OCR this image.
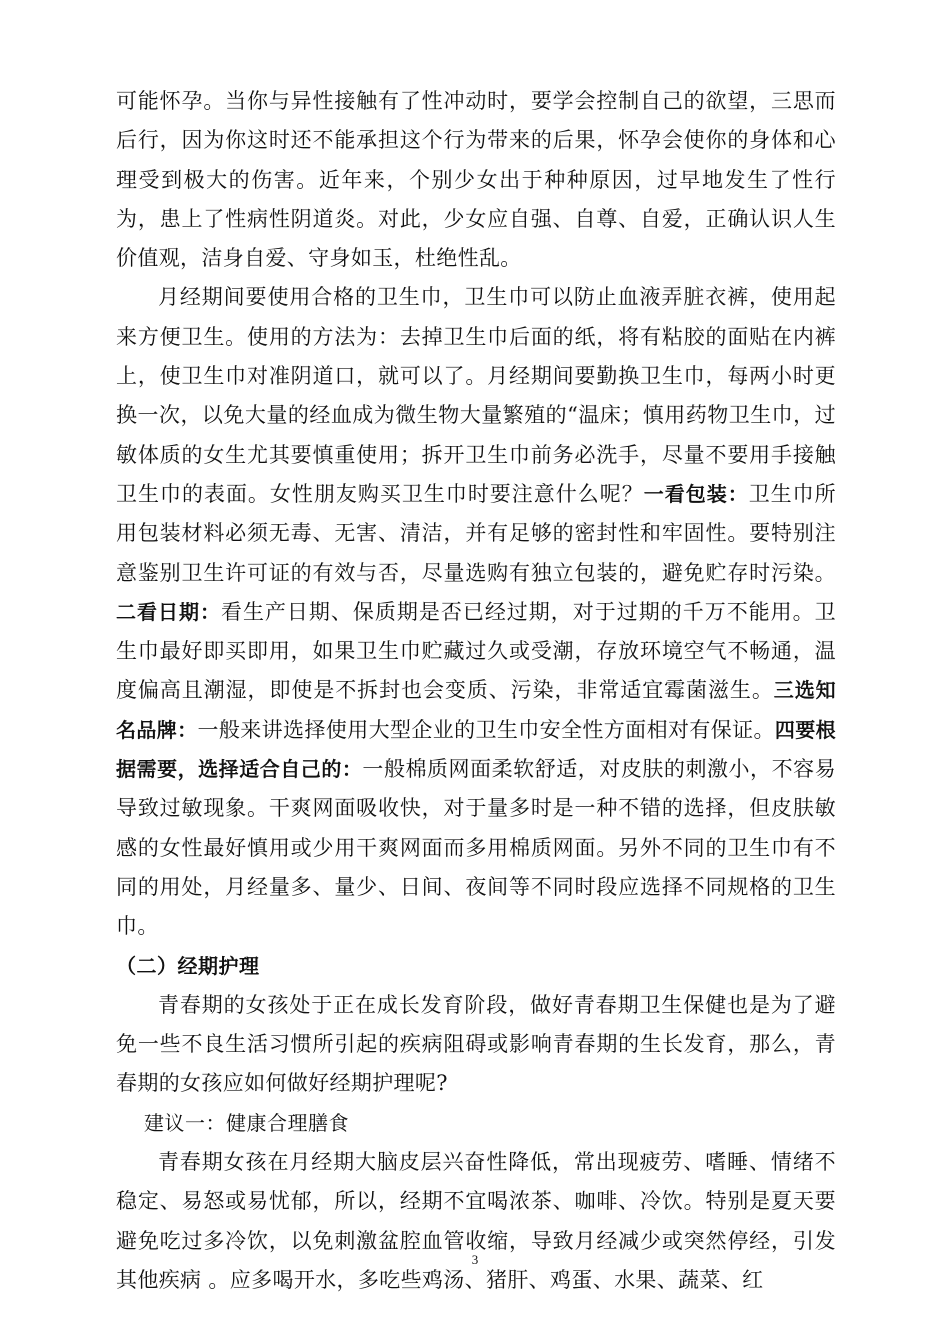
可能怀孕。当你与异性接触有了性冲动时，要学会控制自己的欲望，三思而后行，因为你这时还不能承担这个行为带来的后果，怀孕会使你的身体和心理受到极大的伤害。近年来，个别少女出于种种原因，过早地发生了性行为，患上了性病性阴道炎。对此，少女应自强、自尊、自爱，正确认识人生价值观，洁身自爱、守身如玉，杜绝性乱。

月经期间要使用合格的卫生巾，卫生巾可以防止血液弄脏衣裤，使用起来方便卫生。使用的方法为：去掉卫生巾后面的纸，将有粘胶的面贴在内裤上，使卫生巾对准阴道口，就可以了。月经期间要勤换卫生巾，每两小时更换一次，以免大量的经血成为微生物大量繁殖的“温床；慎用药物卫生巾，过敏体质的女生尤其要慎重使用；拆开卫生巾前务必洗手，尽量不要用手接触卫生巾的表面。女性朋友购买卫生巾时要注意什么呢？一看包装：卫生巾所用包装材料必须无毒、无害、清洁，并有足够的密封性和牢固性。要特别注意鉴别卫生许可证的有效与否，尽量选购有独立包装的，避免贮存时污染。二看日期：看生产日期、保质期是否已经过期，对于过期的千万不能用。卫生巾最好即买即用，如果卫生巾贮藏过久或受潮，存放环境空气不畅通，温度偏高且潮湿，即使是不拆封也会变质、污染，非常适宜霉菌滋生。三选知名品牌：一般来讲选择使用大型企业的卫生巾安全性方面相对有保证。四要根据需要，选择适合自己的：一般棉质网面柔软舒适，对皮肤的刺激小，不容易导致过敏现象。干爽网面吸收快，对于量多时是一种不错的选择，但皮肤敏感的女性最好慎用或少用干爽网面而多用棉质网面。另外不同的卫生巾有不同的用处，月经量多、量少、日间、夜间等不同时段应选择不同规格的卫生巾。

（二）经期护理

青春期的女孩处于正在成长发育阶段，做好青春期卫生保健也是为了避免一些不良生活习惯所引起的疾病阻碍或影响青春期的生长发育，那么，青春期的女孩应如何做好经期护理呢?

建议一：健康合理膳食

青春期女孩在月经期大脑皮层兴奋性降低，常出现疲劳、嗜睡、情绪不稳定、易怒或易忧郁，所以，经期不宜喝浓茶、咖啡、冷饮。特别是夏天要避免吃过多冷饮，以免刺激盆腔血管收缩，导致月经减少或突然停经，引发其他疾病 。应多喝开水，多吃些鸡汤、猪肝、鸡蛋、水果、蔬菜、红

3
